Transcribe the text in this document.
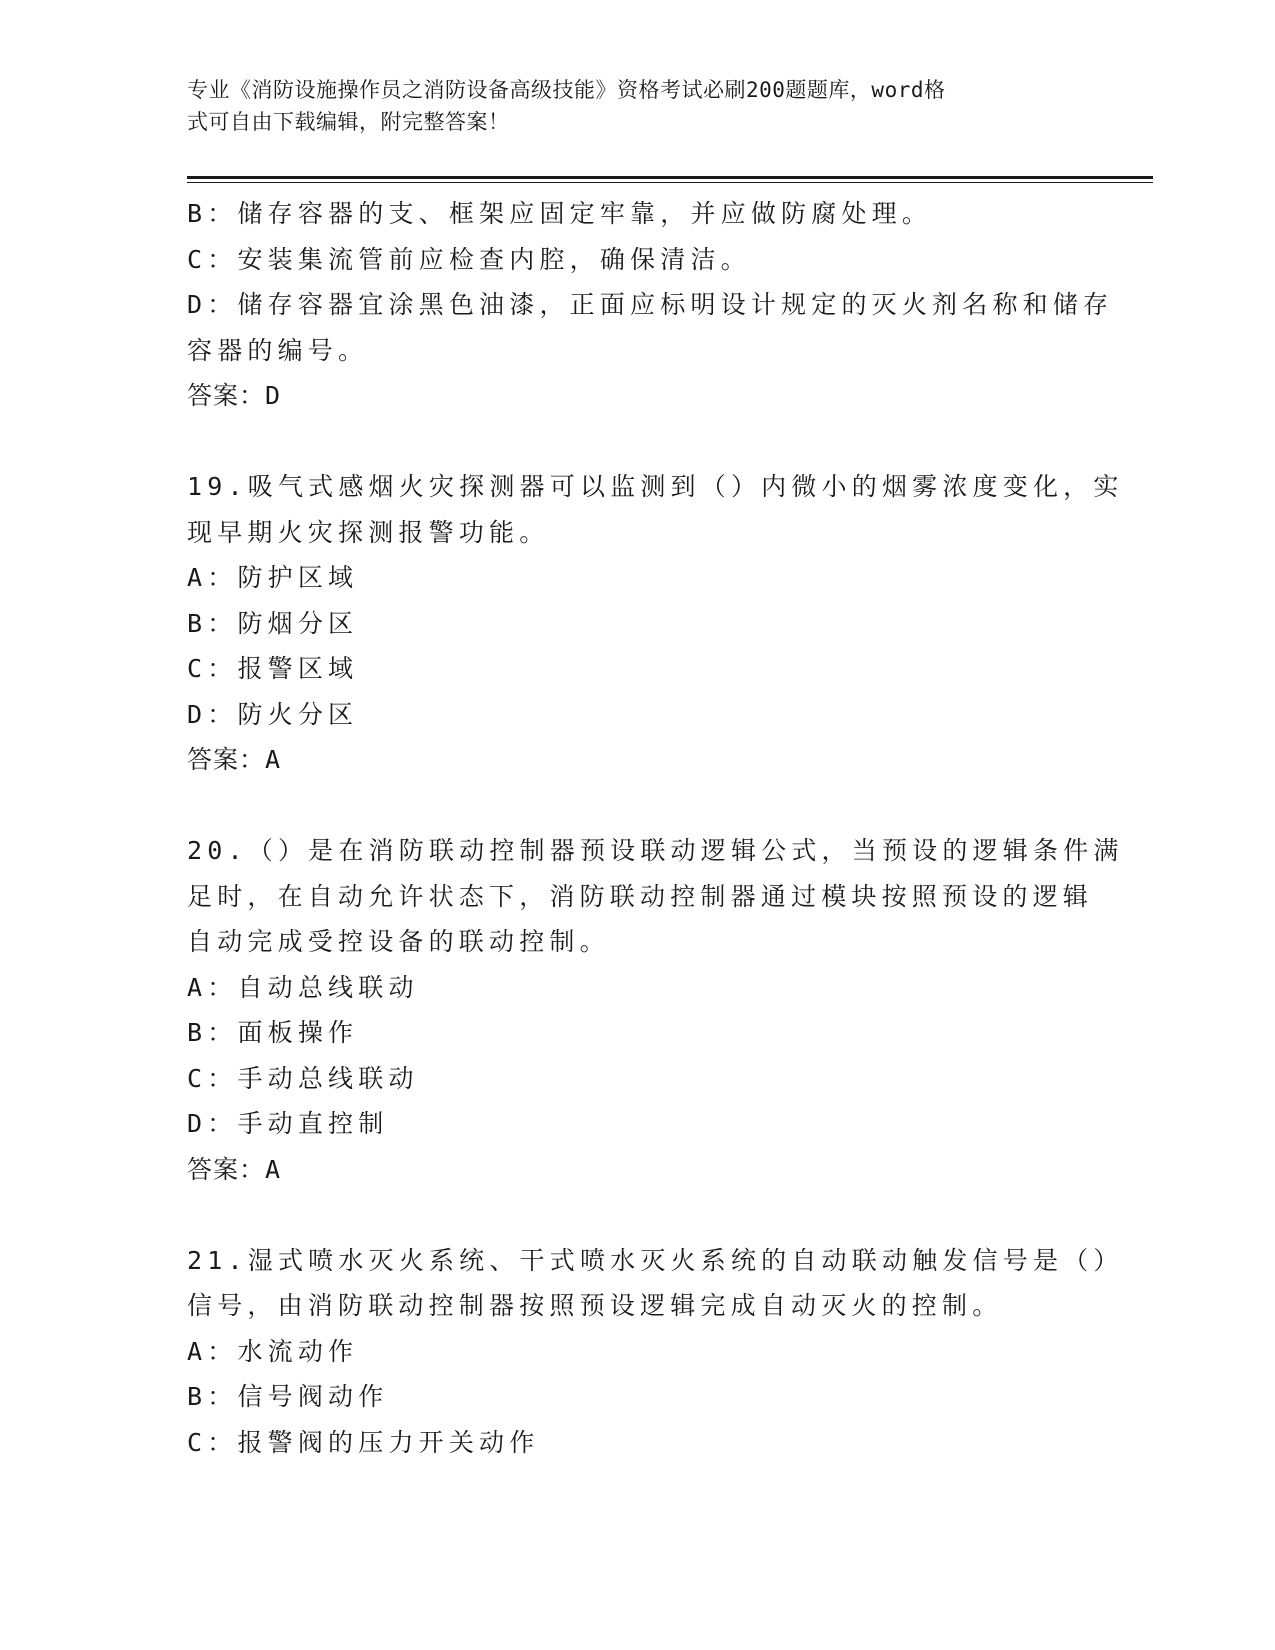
专业《消防设施操作员之消防设备高级技能》资格考试必刷200题题库，word格
式可自由下载编辑，附完整答案！
B：储存容器的支、框架应固定牢靠，并应做防腐处理。
C：安装集流管前应检查内腔，确保清洁。
D：储存容器宜涂黑色油漆，正面应标明设计规定的灭火剂名称和储存
容器的编号。
答案：D
19.吸气式感烟火灾探测器可以监测到（）内微小的烟雾浓度变化，实
现早期火灾探测报警功能。
A：防护区域
B：防烟分区
C：报警区域
D：防火分区
答案：A
20.（）是在消防联动控制器预设联动逻辑公式，当预设的逻辑条件满
足时，在自动允许状态下，消防联动控制器通过模块按照预设的逻辑
自动完成受控设备的联动控制。
A：自动总线联动
B：面板操作
C：手动总线联动
D：手动直控制
答案：A
21.湿式喷水灭火系统、干式喷水灭火系统的自动联动触发信号是（）
信号，由消防联动控制器按照预设逻辑完成自动灭火的控制。
A：水流动作
B：信号阀动作
C：报警阀的压力开关动作
